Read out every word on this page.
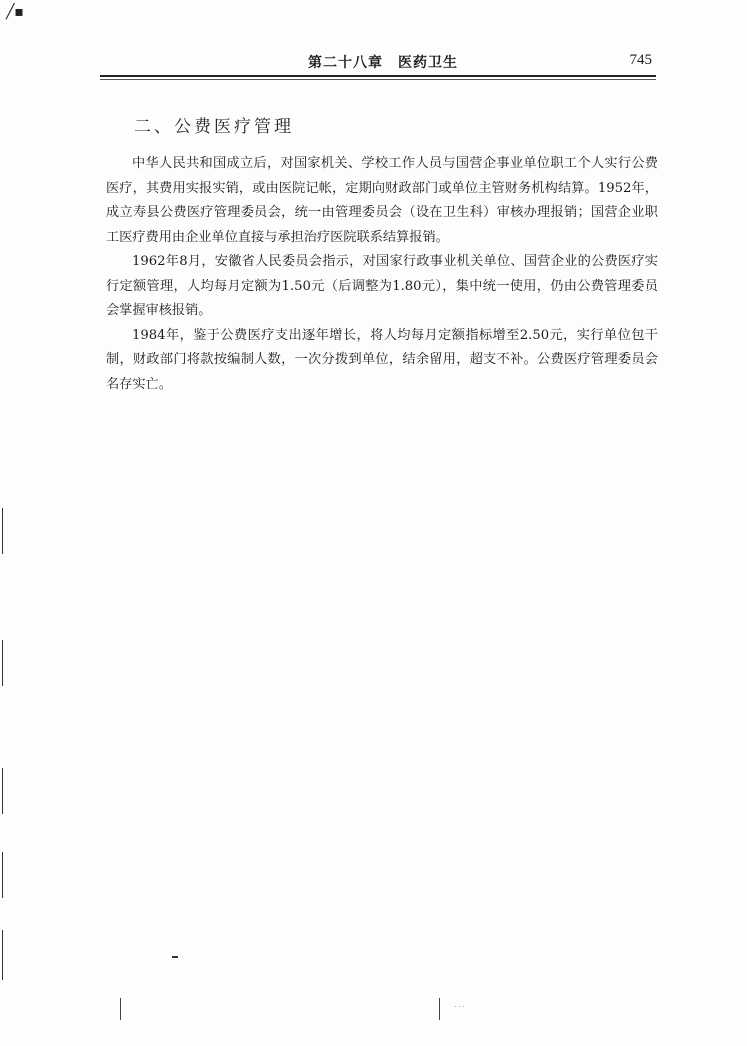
╱▪
第二十八章　医药卫生	745
二、公费医疗管理

中华人民共和国成立后，对国家机关、学校工作人员与国营企事业单位职工个人实行公费医疗，其费用实报实销，或由医院记帐，定期向财政部门或单位主管财务机构结算。1952年，成立寿县公费医疗管理委员会，统一由管理委员会（设在卫生科）审核办理报销；国营企业职工医疗费用由企业单位直接与承担治疗医院联系结算报销。

1962年8月，安徽省人民委员会指示，对国家行政事业机关单位、国营企业的公费医疗实行定额管理，人均每月定额为1.50元（后调整为1.80元），集中统一使用，仍由公费管理委员会掌握审核报销。

1984年，鉴于公费医疗支出逐年增长，将人均每月定额指标增至2.50元，实行单位包干制，财政部门将款按编制人数，一次分拨到单位，结余留用，超支不补。公费医疗管理委员会名存实亡。

...
